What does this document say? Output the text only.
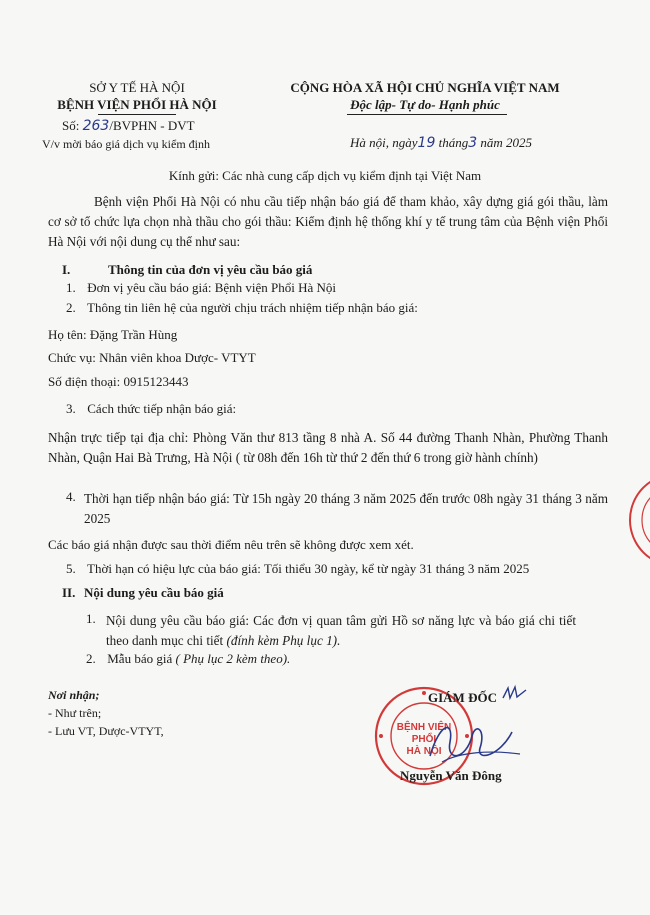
SỞ Y TẾ HÀ NỘI
BỆNH VIỆN PHỔI HÀ NỘI
Số: 263/BVPHN - DVT
V/v mời báo giá dịch vụ kiểm định
CỘNG HÒA XÃ HỘI CHỦ NGHĨA VIỆT NAM
Độc lập- Tự do- Hạnh phúc
Hà nội, ngày19 tháng3 năm 2025
Kính gửi: Các nhà cung cấp dịch vụ kiểm định tại Việt Nam
Bệnh viện Phổi Hà Nội có nhu cầu tiếp nhận báo giá để tham khảo, xây dựng giá gói thầu, làm cơ sở tổ chức lựa chọn nhà thầu cho gói thầu: Kiểm định hệ thống khí y tế trung tâm của Bệnh viện Phổi Hà Nội với nội dung cụ thể như sau:
I.	Thông tin của đơn vị yêu cầu báo giá
1. Đơn vị yêu cầu báo giá: Bệnh viện Phổi Hà Nội
2. Thông tin liên hệ của người chịu trách nhiệm tiếp nhận báo giá:
Họ tên: Đặng Trần Hùng
Chức vụ: Nhân viên khoa Dược- VTYT
Số điện thoại: 0915123443
3. Cách thức tiếp nhận báo giá:
Nhận trực tiếp tại địa chỉ: Phòng Văn thư 813 tầng 8 nhà A. Số 44 đường Thanh Nhàn, Phường Thanh Nhàn, Quận Hai Bà Trưng, Hà Nội ( từ 08h đến 16h từ thứ 2 đến thứ 6 trong giờ hành chính)
4. Thời hạn tiếp nhận báo giá: Từ 15h ngày 20 tháng 3 năm 2025 đến trước 08h ngày 31 tháng 3 năm 2025
Các báo giá nhận được sau thời điểm nêu trên sẽ không được xem xét.
5. Thời hạn có hiệu lực của báo giá: Tối thiểu 30 ngày, kể từ ngày 31 tháng 3 năm 2025
II. Nội dung yêu cầu báo giá
1. Nội dung yêu cầu báo giá: Các đơn vị quan tâm gửi Hồ sơ năng lực và báo giá chi tiết theo danh mục chi tiết (đính kèm Phụ lục 1).
2. Mẫu báo giá ( Phụ lục 2 kèm theo).
Nơi nhận;
- Như trên;
- Lưu VT, Dược-VTYT,	BỆNH VIỆN
PHỔI
HÀ NỘI
GIÁM ĐỐC
Nguyễn Văn Đông
